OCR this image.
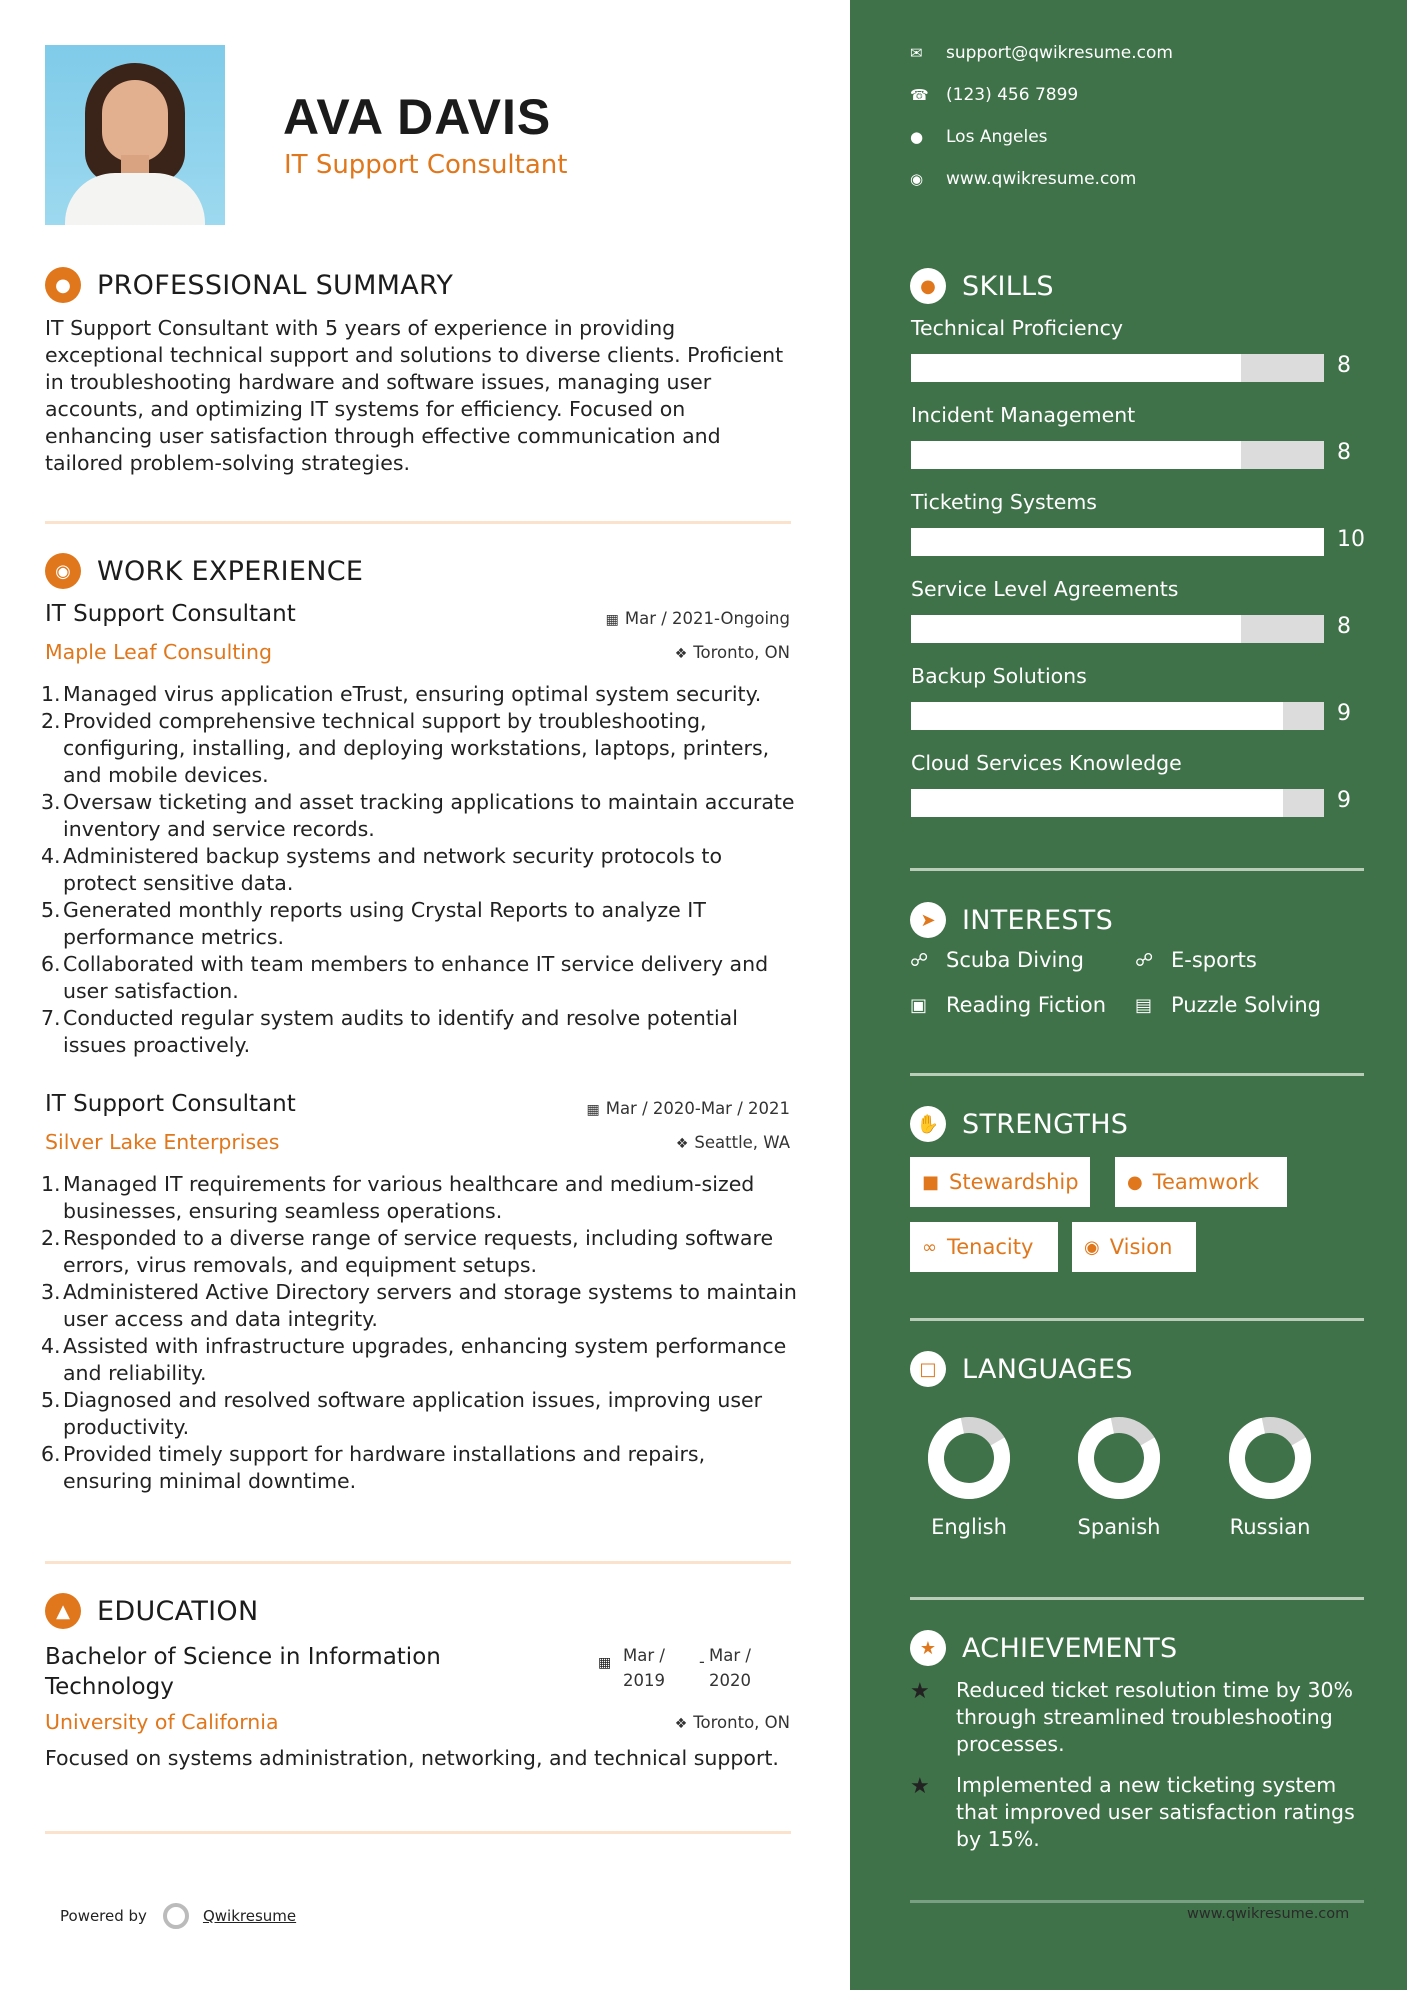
AVA DAVIS
IT Support Consultant
● PROFESSIONAL SUMMARY
IT Support Consultant with 5 years of experience in providing exceptional technical support and solutions to diverse clients. Proficient in troubleshooting hardware and software issues, managing user accounts, and optimizing IT systems for efficiency. Focused on enhancing user satisfaction through effective communication and tailored problem-solving strategies.
◉ WORK EXPERIENCE
IT Support Consultant	▦ Mar / 2021-Ongoing
Maple Leaf Consulting	❖ Toronto, ON
Managed virus application eTrust, ensuring optimal system security.
Provided comprehensive technical support by troubleshooting, configuring, installing, and deploying workstations, laptops, printers, and mobile devices.
Oversaw ticketing and asset tracking applications to maintain accurate inventory and service records.
Administered backup systems and network security protocols to protect sensitive data.
Generated monthly reports using Crystal Reports to analyze IT performance metrics.
Collaborated with team members to enhance IT service delivery and user satisfaction.
Conducted regular system audits to identify and resolve potential issues proactively.
IT Support Consultant	▦ Mar / 2020-Mar / 2021
Silver Lake Enterprises	❖ Seattle, WA
Managed IT requirements for various healthcare and medium-sized businesses, ensuring seamless operations.
Responded to a diverse range of service requests, including software errors, virus removals, and equipment setups.
Administered Active Directory servers and storage systems to maintain user access and data integrity.
Assisted with infrastructure upgrades, enhancing system performance and reliability.
Diagnosed and resolved software application issues, improving user productivity.
Provided timely support for hardware installations and repairs, ensuring minimal downtime.
▲	EDUCATION
Bachelor of Science in Information Technology
▦ Mar /
2019
- Mar /
2020
University of California	❖ Toronto, ON
Focused on systems administration, networking, and technical support.
Powered by	Qwikresume
✉	support@qwikresume.com
☎	(123) 456 7899
●	Los Angeles
◉	www.qwikresume.com
● SKILLS
Technical Proficiency
8
Incident Management
8
Ticketing Systems
10
Service Level Agreements
8
Backup Solutions
9
Cloud Services Knowledge
9
➤ INTERESTS
☍ Scuba Diving	☍ E-sports
▣ Reading Fiction ▤ Puzzle Solving
✋ STRENGTHS
■ Stewardship	● Teamwork
∞ Tenacity	◉ Vision
□ LANGUAGES
English	Spanish	Russian
★ ACHIEVEMENTS
★	Reduced ticket resolution time by 30% through streamlined troubleshooting processes.
★	Implemented a new ticketing system that improved user satisfaction ratings by 15%.
www.qwikresume.com
